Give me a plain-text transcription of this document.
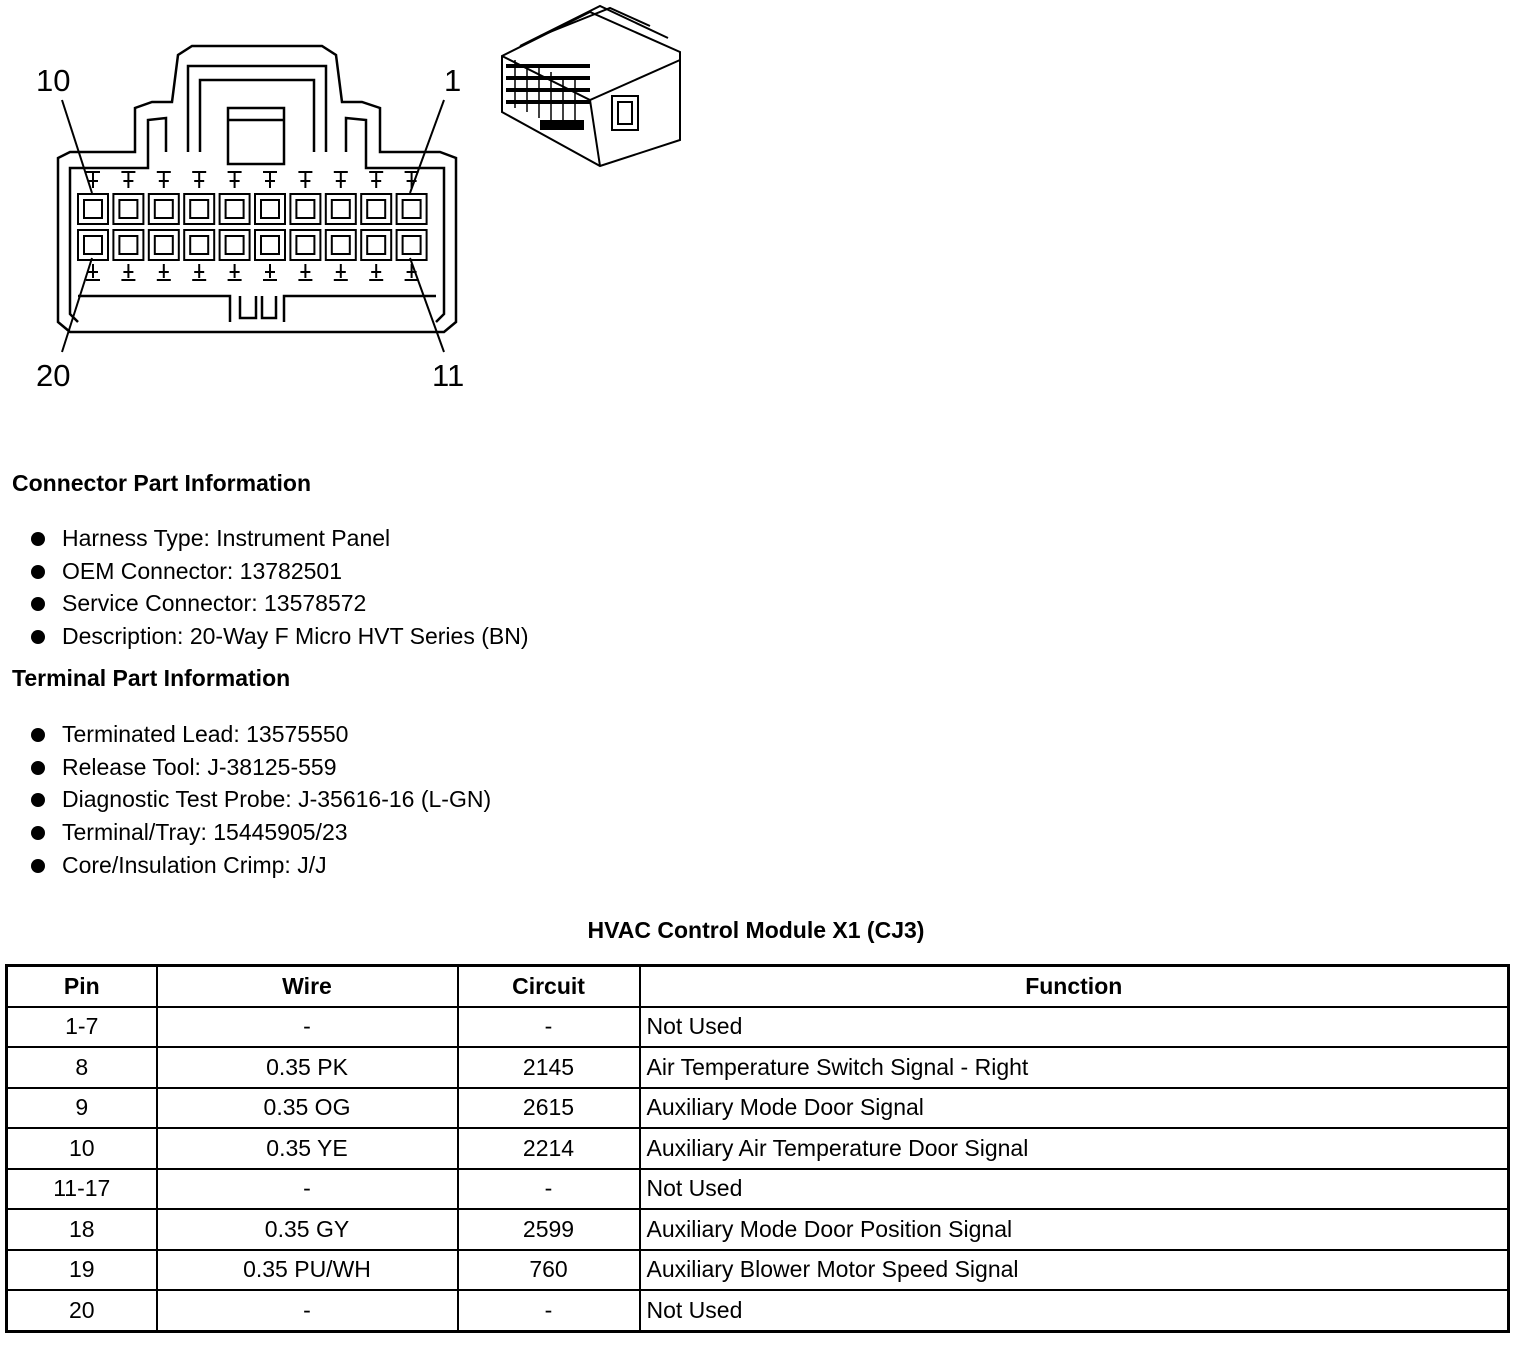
10	1
20	11
Connector Part Information
Harness Type: Instrument Panel
OEM Connector: 13782501
Service Connector: 13578572
Description: 20-Way F Micro HVT Series (BN)
Terminal Part Information
Terminated Lead: 13575550
Release Tool: J-38125-559
Diagnostic Test Probe: J-35616-16 (L-GN)
Terminal/Tray: 15445905/23
Core/Insulation Crimp: J/J
HVAC Control Module X1 (CJ3)
Pin	Wire	Circuit	Function
1-7	-	-	Not Used
8	0.35 PK	2145	Air Temperature Switch Signal - Right
9	0.35 OG	2615	Auxiliary Mode Door Signal
10	0.35 YE	2214	Auxiliary Air Temperature Door Signal
11-17	-	-	Not Used
18	0.35 GY	2599	Auxiliary Mode Door Position Signal
19	0.35 PU/WH	760	Auxiliary Blower Motor Speed Signal
20	-	-	Not Used
